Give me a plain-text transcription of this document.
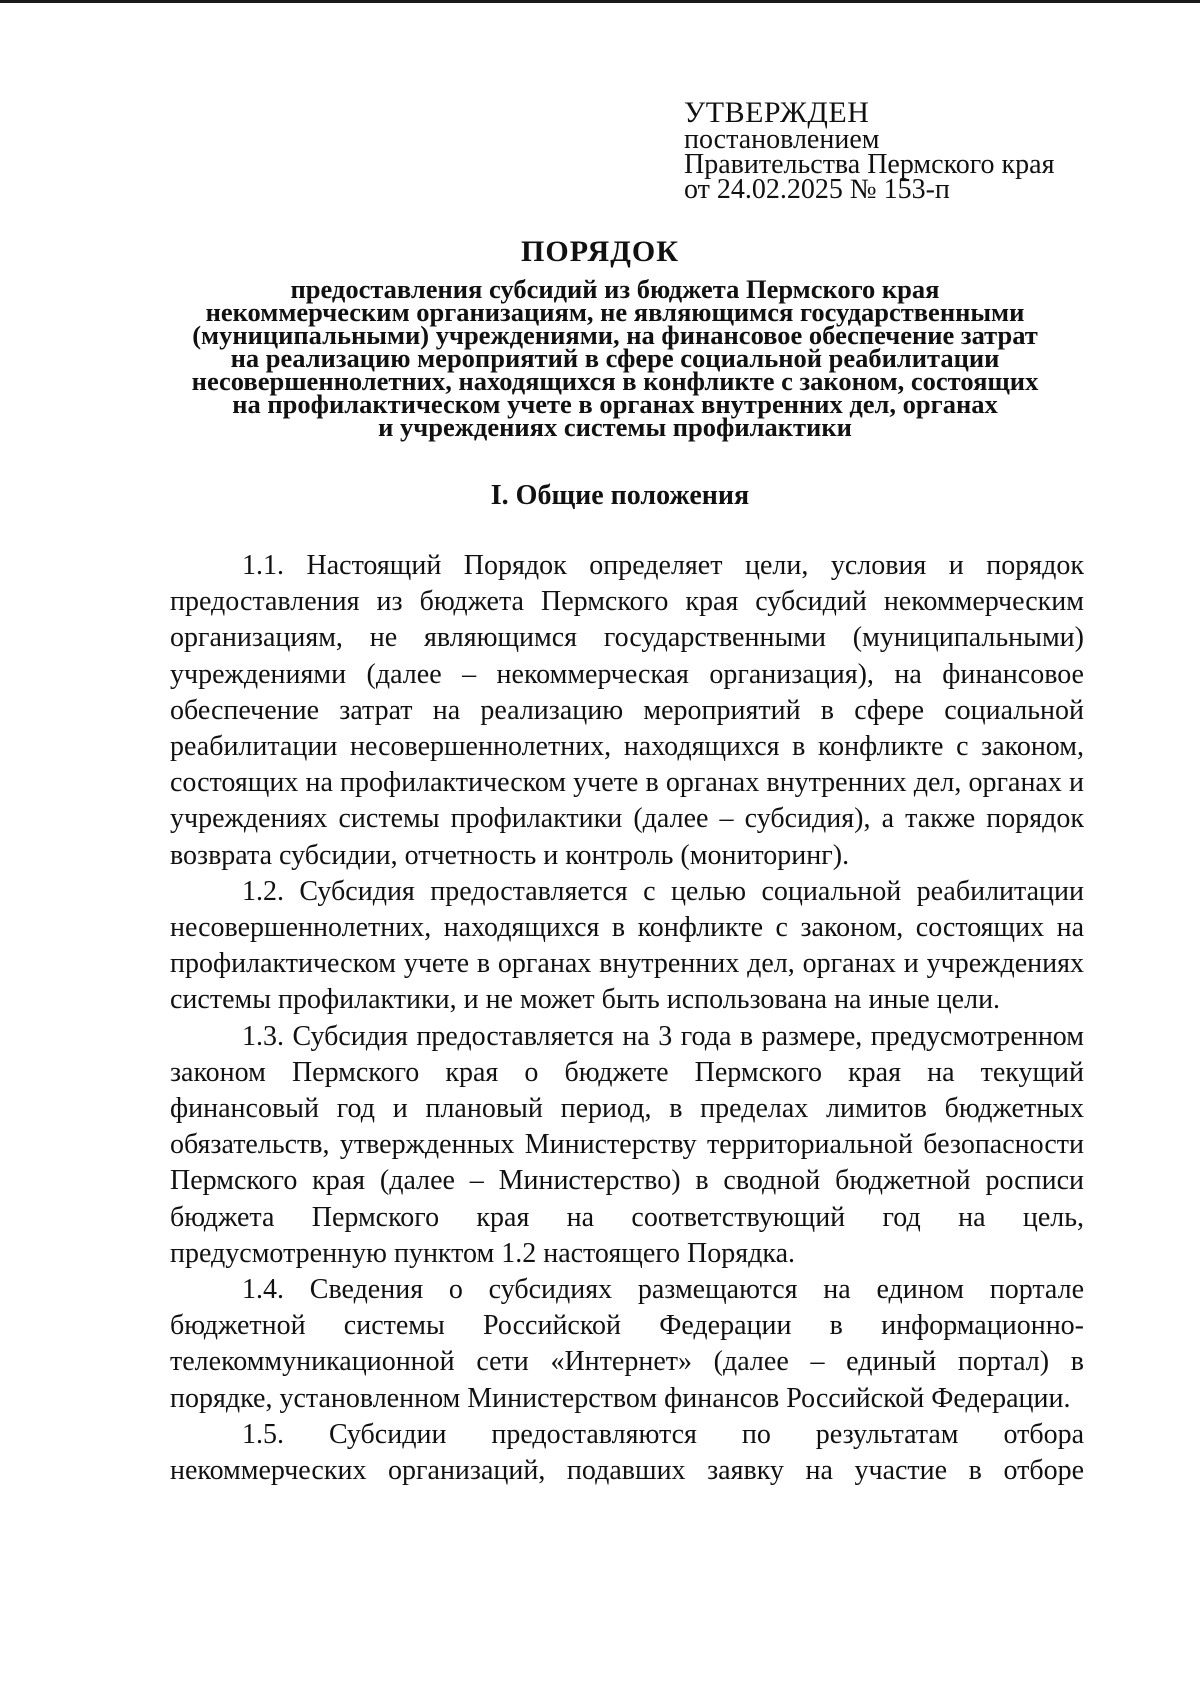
УТВЕРЖДЕН
постановлением
Правительства Пермского края
от 24.02.2025 № 153-п
ПОРЯДОК
предоставления субсидий из бюджета Пермского края
некоммерческим организациям, не являющимся государственными
(муниципальными) учреждениями, на финансовое обеспечение затрат
на реализацию мероприятий в сфере социальной реабилитации
несовершеннолетних, находящихся в конфликте с законом, состоящих
на профилактическом учете в органах внутренних дел, органах
и учреждениях системы профилактики
I. Общие положения

1.1. Настоящий Порядок определяет цели, условия и порядок предоставления из бюджета Пермского края субсидий некоммерческим организациям, не являющимся государственными (муниципальными) учреждениями (далее – некоммерческая организация), на финансовое обеспечение затрат на реализацию мероприятий в сфере социальной реабилитации несовершеннолетних, находящихся в конфликте с законом, состоящих на профилактическом учете в органах внутренних дел, органах и учреждениях системы профилактики (далее – субсидия), а также порядок возврата субсидии, отчетность и контроль (мониторинг).

1.2. Субсидия предоставляется с целью социальной реабилитации несовершеннолетних, находящихся в конфликте с законом, состоящих на профилактическом учете в органах внутренних дел, органах и учреждениях системы профилактики, и не может быть использована на иные цели.

1.3. Субсидия предоставляется на 3 года в размере, предусмотренном законом Пермского края о бюджете Пермского края на текущий финансовый год и плановый период, в пределах лимитов бюджетных обязательств, утвержденных Министерству территориальной безопасности Пермского края (далее – Министерство) в сводной бюджетной росписи бюджета Пермского края на соответствующий год на цель, предусмотренную пунктом 1.2 настоящего Порядка.

1.4. Сведения о субсидиях размещаются на едином портале бюджетной системы Российской Федерации в информационно-телекоммуникационной сети «Интернет» (далее – единый портал) в порядке, установленном Министерством финансов Российской Федерации.

1.5. Субсидии предоставляются по результатам отбора некоммерческих организаций, подавших заявку на участие в отборе
